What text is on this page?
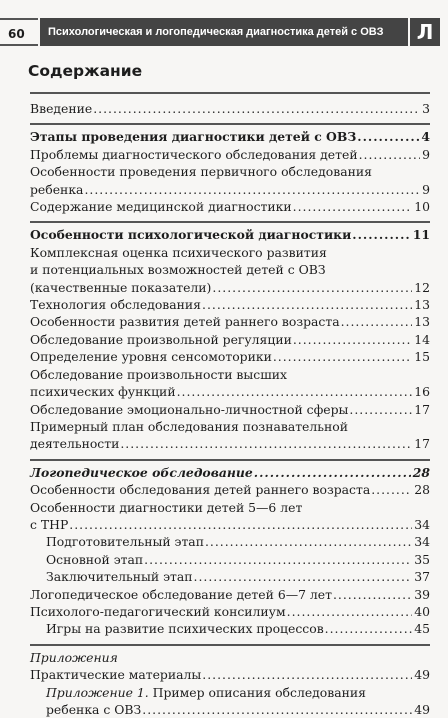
60	Психологическая и логопедическая диагностика детей с ОВЗ	Л
Содержание
Введение .....	3
Этапы проведения диагностики детей с ОВЗ .....	4
Проблемы диагностического обследования детей .....	9
Особенности проведения первичного обследования
ребенка .....	9
Содержание медицинской диагностики .....	10
Особенности психологической диагностики .....	11
Комплексная оценка психического развития
и потенциальных возможностей детей с ОВЗ
(качественные показатели) .....	12
Технология обследования .....	13
Особенности развития детей раннего возраста .....	13
Обследование произвольной регуляции .....	14
Определение уровня сенсомоторики .....	15
Обследование произвольности высших
психических функций .....	16
Обследование эмоционально-личностной сферы .....	17
Примерный план обследования познавательной
деятельности .....	17
Логопедическое обследование .....	28
Особенности обследования детей раннего возраста .....	28
Особенности диагностики детей 5—6 лет
с ТНР .....	34
Подготовительный этап .....	34
Основной этап .....	35
Заключительный этап .....	37
Логопедическое обследование детей 6—7 лет .....	39
Психолого-педагогический консилиум .....	40
Игры на развитие психических процессов .....	45
Приложения
Практические материалы .....	49
Приложение 1. Пример описания обследования
ребенка с ОВЗ .....	49
